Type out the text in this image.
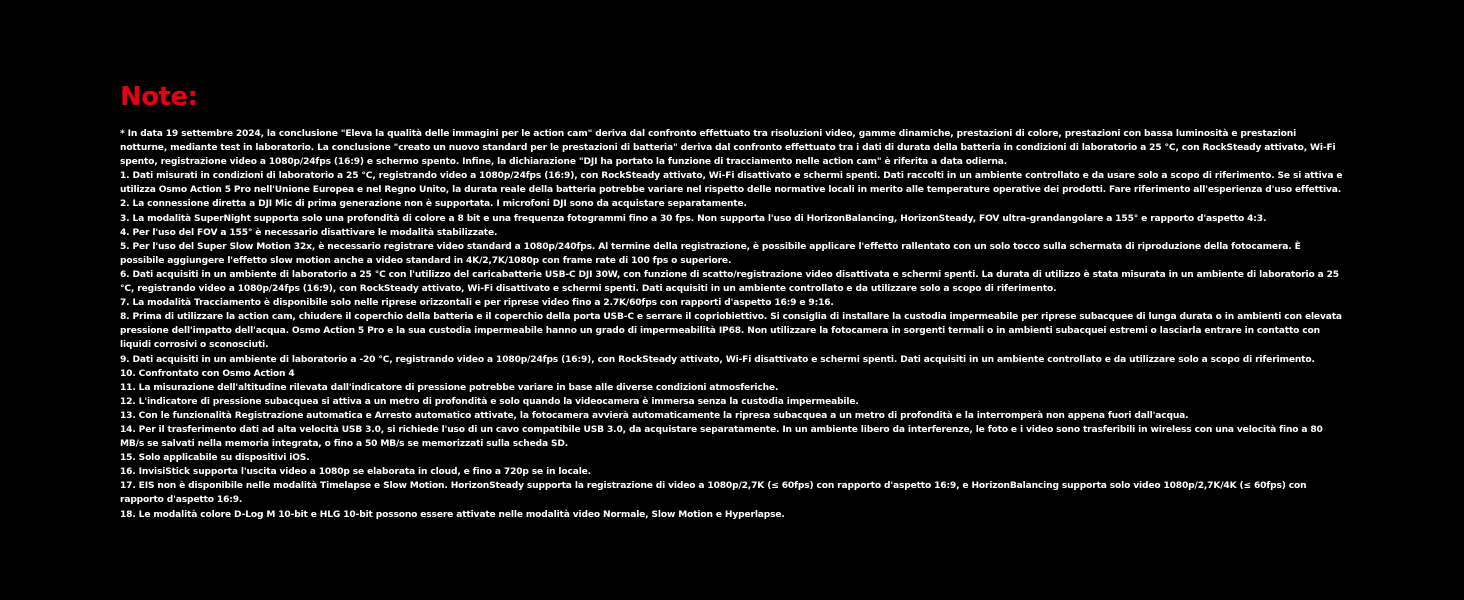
Note:

* In data 19 settembre 2024, la conclusione "Eleva la qualità delle immagini per le action cam" deriva dal confronto effettuato tra risoluzioni video, gamme dinamiche, prestazioni di colore, prestazioni con bassa luminosità e prestazioni notturne, mediante test in laboratorio. La conclusione "creato un nuovo standard per le prestazioni di batteria" deriva dal confronto effettuato tra i dati di durata della batteria in condizioni di laboratorio a 25 °C, con RockSteady attivato, Wi-Fi spento, registrazione video a 1080p/24fps (16:9) e schermo spento. Infine, la dichiarazione "DJI ha portato la funzione di tracciamento nelle action cam" è riferita a data odierna.

1. Dati misurati in condizioni di laboratorio a 25 °C, registrando video a 1080p/24fps (16:9), con RockSteady attivato, Wi-Fi disattivato e schermi spenti. Dati raccolti in un ambiente controllato e da usare solo a scopo di riferimento. Se si attiva e utilizza Osmo Action 5 Pro nell'Unione Europea e nel Regno Unito, la durata reale della batteria potrebbe variare nel rispetto delle normative locali in merito alle temperature operative dei prodotti. Fare riferimento all'esperienza d'uso effettiva.

2. La connessione diretta a DJI Mic di prima generazione non è supportata. I microfoni DJI sono da acquistare separatamente.

3. La modalità SuperNight supporta solo una profondità di colore a 8 bit e una frequenza fotogrammi fino a 30 fps. Non supporta l'uso di HorizonBalancing, HorizonSteady, FOV ultra-grandangolare a 155° e rapporto d'aspetto 4:3.

4. Per l'uso del FOV a 155° è necessario disattivare le modalità stabilizzate.

5. Per l'uso del Super Slow Motion 32x, è necessario registrare video standard a 1080p/240fps. Al termine della registrazione, è possibile applicare l'effetto rallentato con un solo tocco sulla schermata di riproduzione della fotocamera. È possibile aggiungere l'effetto slow motion anche a video standard in 4K/2,7K/1080p con frame rate di 100 fps o superiore.

6. Dati acquisiti in un ambiente di laboratorio a 25 °C con l'utilizzo del caricabatterie USB-C DJI 30W, con funzione di scatto/registrazione video disattivata e schermi spenti. La durata di utilizzo è stata misurata in un ambiente di laboratorio a 25 °C, registrando video a 1080p/24fps (16:9), con RockSteady attivato, Wi-Fi disattivato e schermi spenti. Dati acquisiti in un ambiente controllato e da utilizzare solo a scopo di riferimento.

7. La modalità Tracciamento è disponibile solo nelle riprese orizzontali e per riprese video fino a 2.7K/60fps con rapporti d'aspetto 16:9 e 9:16.

8. Prima di utilizzare la action cam, chiudere il coperchio della batteria e il coperchio della porta USB-C e serrare il copriobiettivo. Si consiglia di installare la custodia impermeabile per riprese subacquee di lunga durata o in ambienti con elevata pressione dell'impatto dell'acqua. Osmo Action 5 Pro e la sua custodia impermeabile hanno un grado di impermeabilità IP68. Non utilizzare la fotocamera in sorgenti termali o in ambienti subacquei estremi o lasciarla entrare in contatto con liquidi corrosivi o sconosciuti.

9. Dati acquisiti in un ambiente di laboratorio a -20 °C, registrando video a 1080p/24fps (16:9), con RockSteady attivato, Wi-Fi disattivato e schermi spenti. Dati acquisiti in un ambiente controllato e da utilizzare solo a scopo di riferimento.

10. Confrontato con Osmo Action 4

11. La misurazione dell'altitudine rilevata dall'indicatore di pressione potrebbe variare in base alle diverse condizioni atmosferiche.

12. L'indicatore di pressione subacquea si attiva a un metro di profondità e solo quando la videocamera è immersa senza la custodia impermeabile.

13. Con le funzionalità Registrazione automatica e Arresto automatico attivate, la fotocamera avvierà automaticamente la ripresa subacquea a un metro di profondità e la interromperà non appena fuori dall'acqua.

14. Per il trasferimento dati ad alta velocità USB 3.0, si richiede l'uso di un cavo compatibile USB 3.0, da acquistare separatamente. In un ambiente libero da interferenze, le foto e i video sono trasferibili in wireless con una velocità fino a 80 MB/s se salvati nella memoria integrata, o fino a 50 MB/s se memorizzati sulla scheda SD.

15. Solo applicabile su dispositivi iOS.

16. InvisiStick supporta l'uscita video a 1080p se elaborata in cloud, e fino a 720p se in locale.

17. EIS non è disponibile nelle modalità Timelapse e Slow Motion. HorizonSteady supporta la registrazione di video a 1080p/2,7K (≤ 60fps) con rapporto d'aspetto 16:9, e HorizonBalancing supporta solo video 1080p/2,7K/4K (≤ 60fps) con rapporto d'aspetto 16:9.

18. Le modalità colore D-Log M 10-bit e HLG 10-bit possono essere attivate nelle modalità video Normale, Slow Motion e Hyperlapse.
